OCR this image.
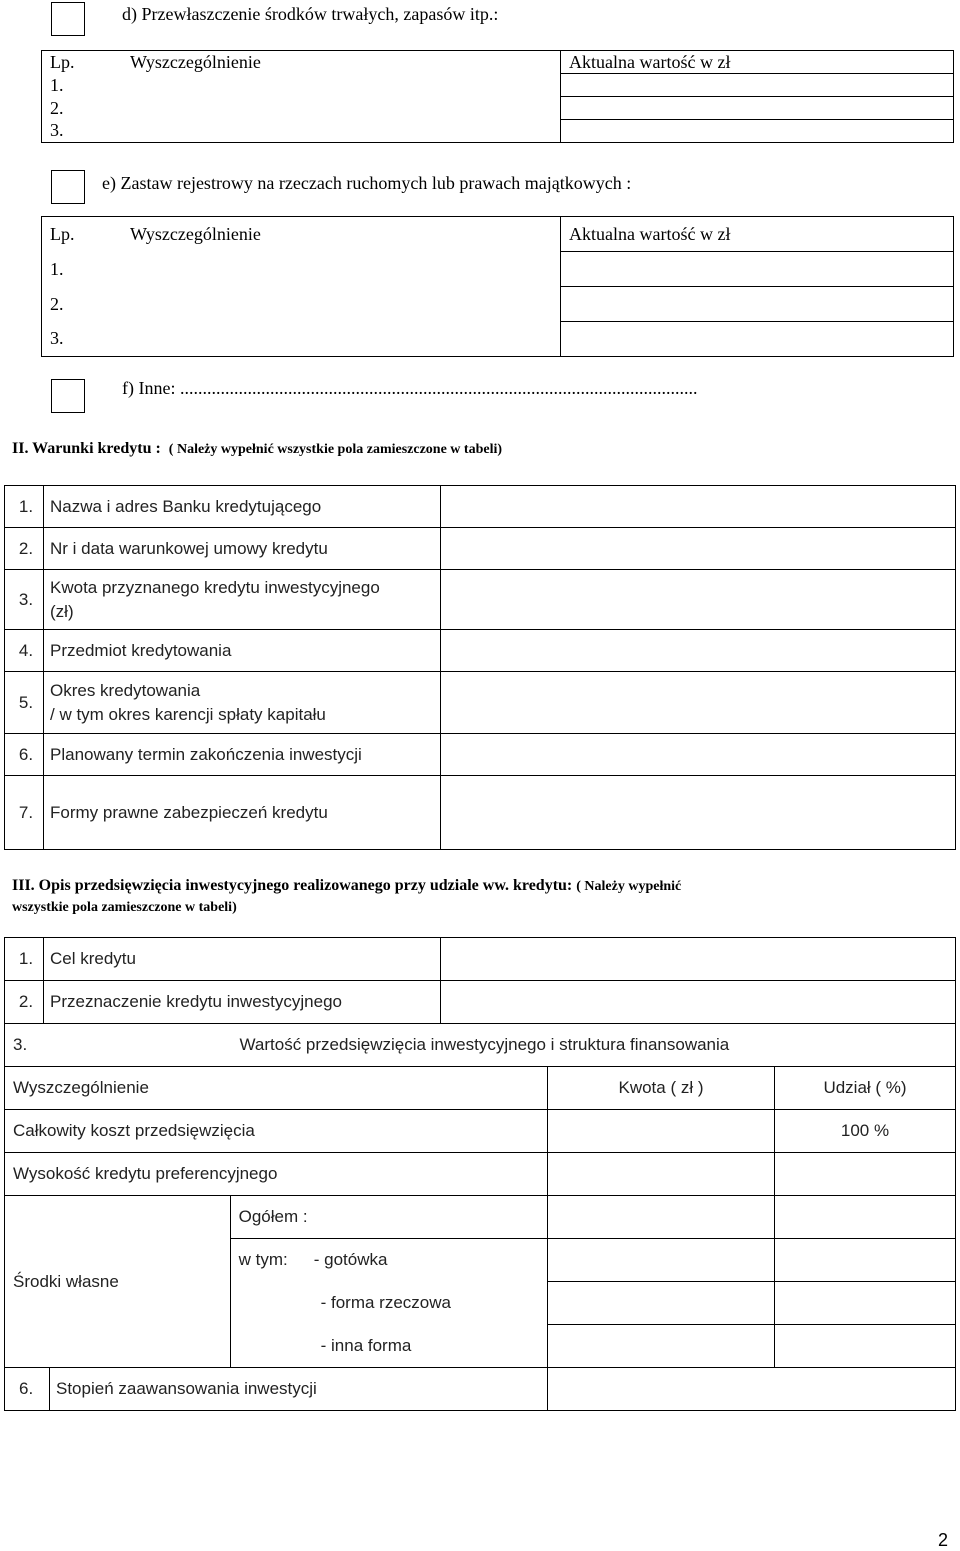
d) Przewłaszczenie środków trwałych, zapasów itp.:
Lp.	Wyszczególnienie	Aktualna wartość w zł
1.		
2.		
3.		
e) Zastaw rejestrowy na rzeczach ruchomych lub prawach majątkowych :
Lp.	Wyszczególnienie	Aktualna wartość w zł
1.		
2.		
3.		
f) Inne: ...................................................................................................................
II. Warunki kredytu : ( Należy wypełnić wszystkie pola zamieszczone w tabeli)
1.	Nazwa i adres Banku kredytującego	
2.	Nr i data warunkowej umowy kredytu	
3.	Kwota przyznanego kredytu inwestycyjnego
(zł)	
4.	Przedmiot kredytowania	
5.	Okres kredytowania
/ w tym okres karencji spłaty kapitału	
6.	Planowany termin zakończenia inwestycji	
7.	Formy prawne zabezpieczeń kredytu	
III. Opis przedsięwzięcia inwestycyjnego realizowanego przy udziale ww. kredytu: ( Należy wypełnić
wszystkie pola zamieszczone w tabeli)
1.	Cel kredytu	
2.	Przeznaczenie kredytu inwestycyjnego	
3.	Wartość przedsięwzięcia inwestycyjnego i struktura finansowania			
Wyszczególnienie			Kwota ( zł )	Udział ( %)
Całkowity koszt przedsięwzięcia				100 %
Wysokość kredytu preferencyjnego				
Środki własne		Ogółem :		
		w tym: - gotówka		
		- forma rzeczowa		
		- inna forma		
6.	Stopień zaawansowania inwestycji			
2
